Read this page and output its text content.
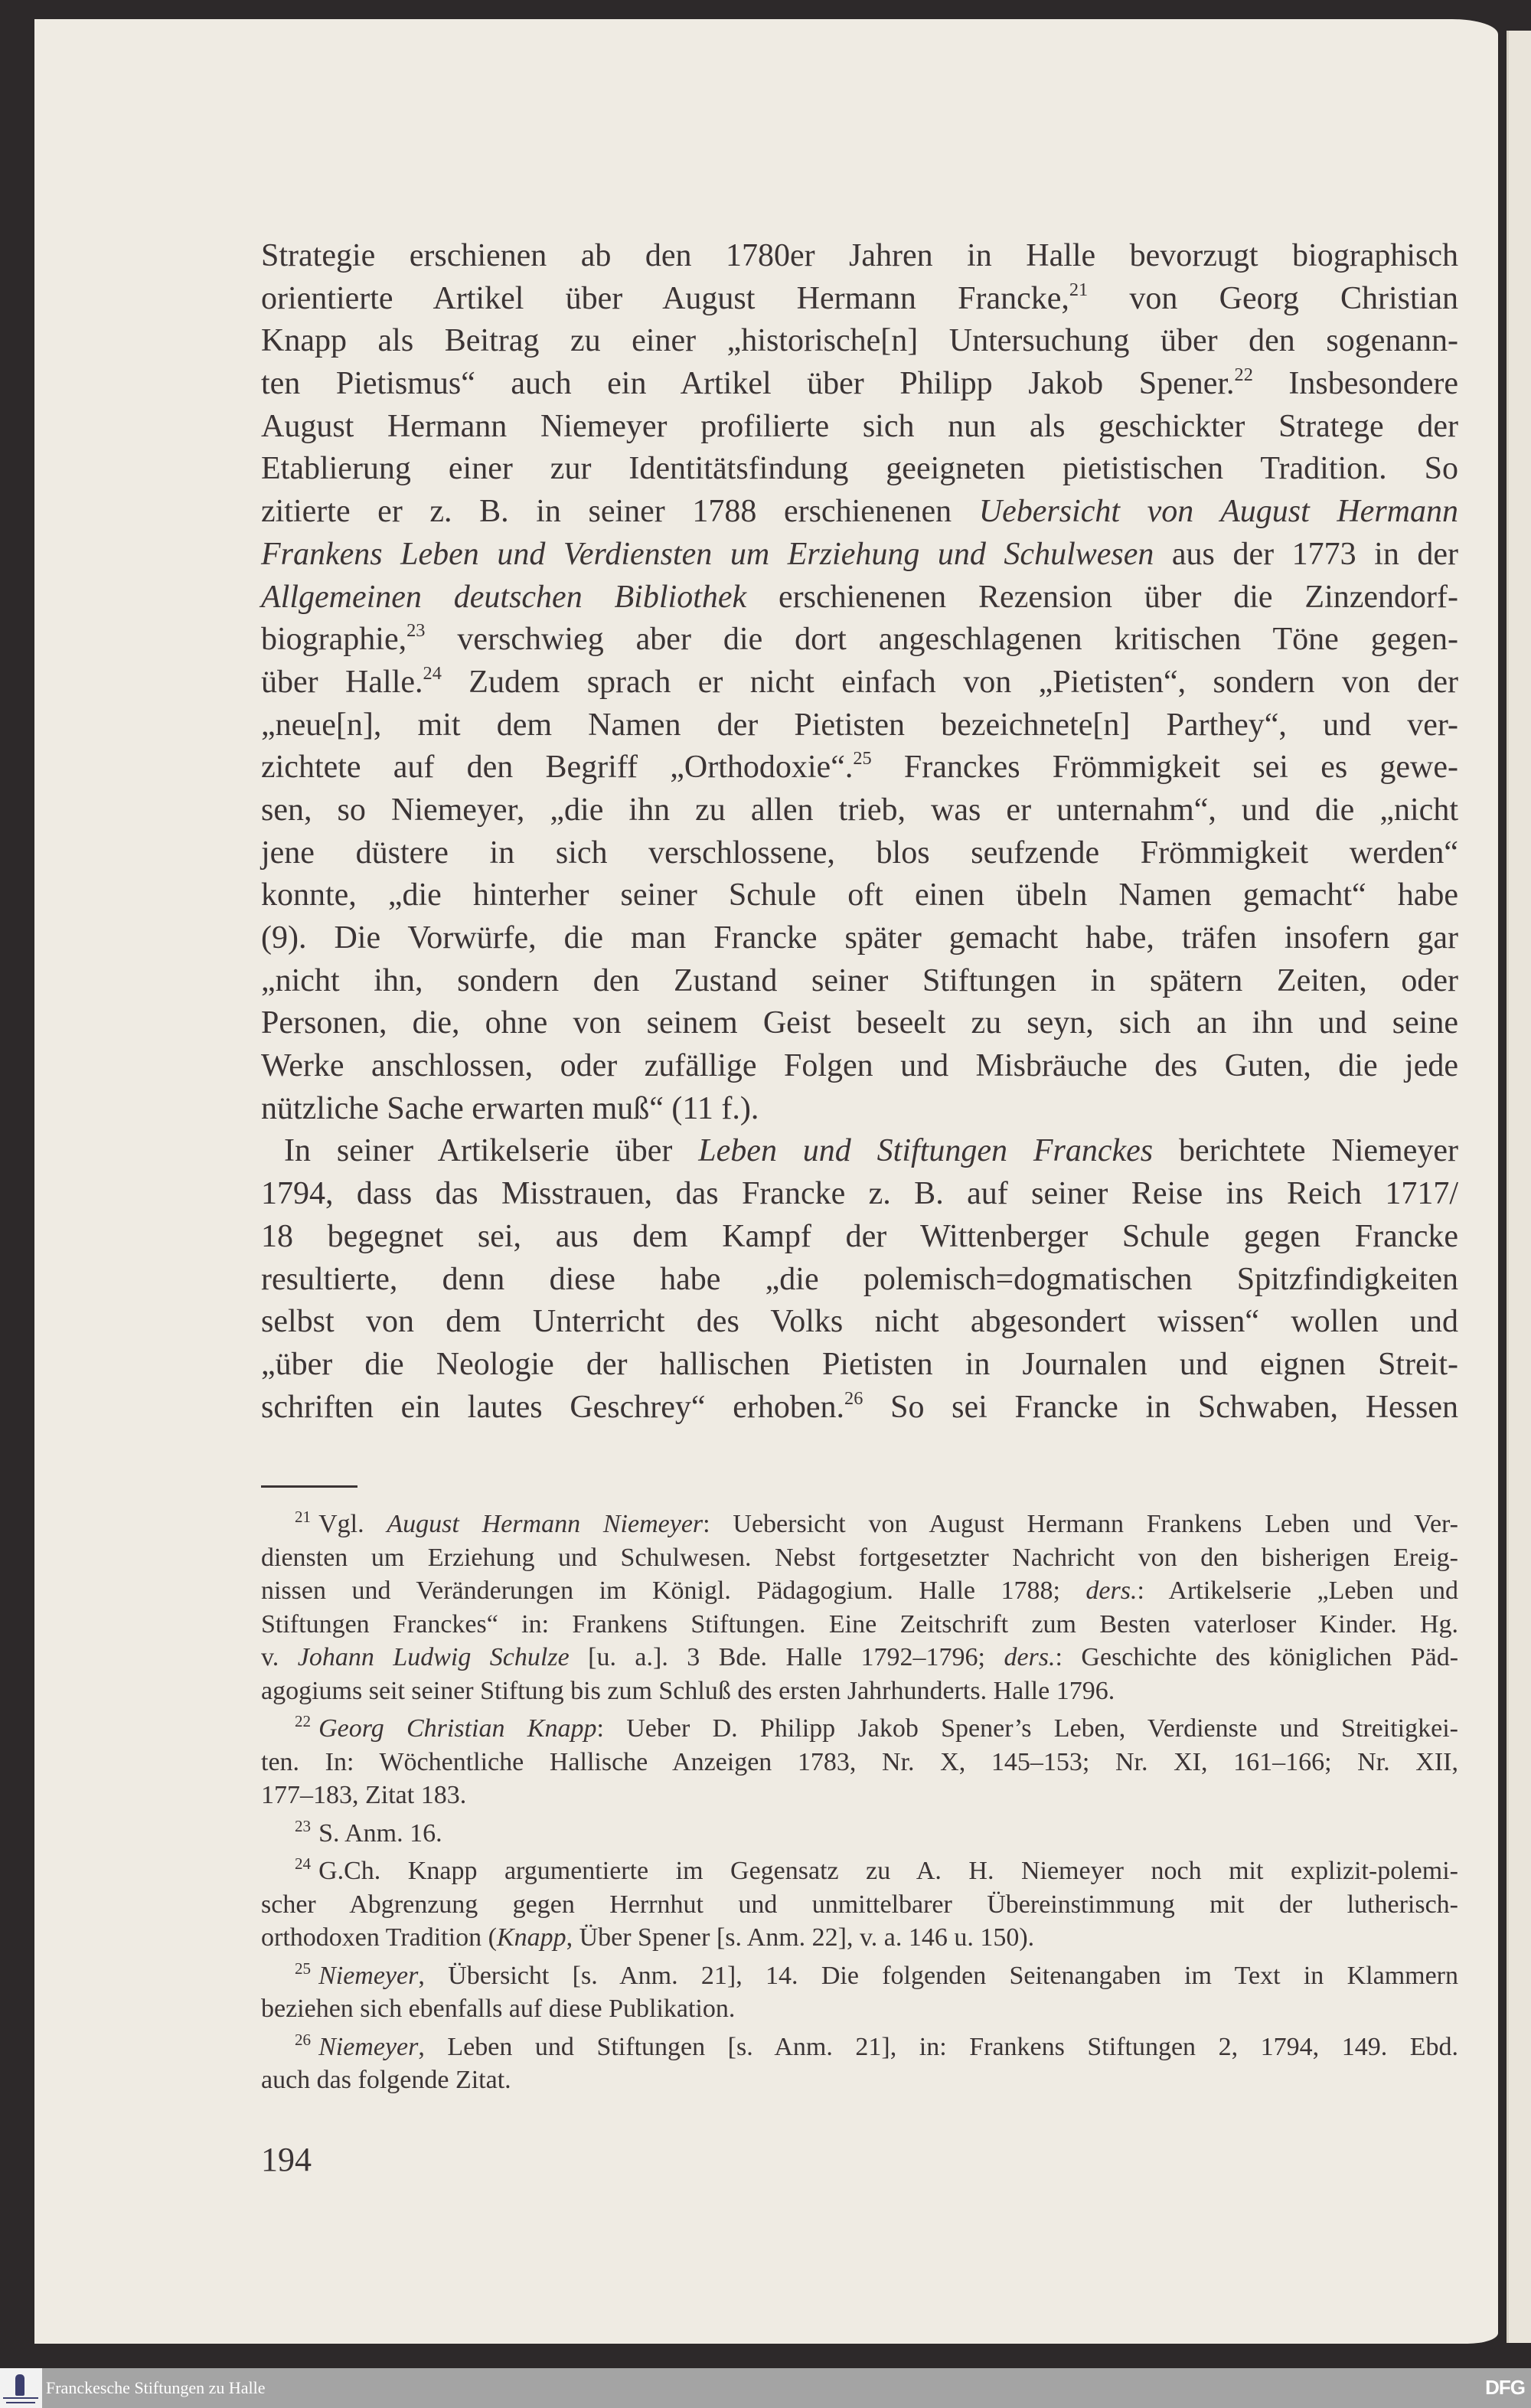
Strategie erschienen ab den 1780er Jahren in Halle bevorzugt biographisch
orientierte Artikel über August Hermann Francke,$^{21}$ von Georg Christian
Knapp als Beitrag zu einer „historische[n] Untersuchung über den sogenann-
ten Pietismus“ auch ein Artikel über Philipp Jakob Spener.$^{22}$ Insbesondere
August Hermann Niemeyer profilierte sich nun als geschickter Stratege der
Etablierung einer zur Identitätsfindung geeigneten pietistischen Tradition. So
zitierte er z. B. in seiner 1788 erschienenen Uebersicht von August Hermann
Frankens Leben und Verdiensten um Erziehung und Schulwesen aus der 1773 in der
Allgemeinen deutschen Bibliothek erschienenen Rezension über die Zinzendorf-
biographie,$^{23}$ verschwieg aber die dort angeschlagenen kritischen Töne gegen-
über Halle.$^{24}$ Zudem sprach er nicht einfach von „Pietisten“, sondern von der
„neue[n], mit dem Namen der Pietisten bezeichnete[n] Parthey“, und ver-
zichtete auf den Begriff „Orthodoxie“.$^{25}$ Franckes Frömmigkeit sei es gewe-
sen, so Niemeyer, „die ihn zu allen trieb, was er unternahm“, und die „nicht
jene düstere in sich verschlossene, blos seufzende Frömmigkeit werden“
konnte, „die hinterher seiner Schule oft einen übeln Namen gemacht“ habe
(9). Die Vorwürfe, die man Francke später gemacht habe, träfen insofern gar
„nicht ihn, sondern den Zustand seiner Stiftungen in spätern Zeiten, oder
Personen, die, ohne von seinem Geist beseelt zu seyn, sich an ihn und seine
Werke anschlossen, oder zufällige Folgen und Misbräuche des Guten, die jede
nützliche Sache erwarten muß“ (11 f.).
In seiner Artikelserie über Leben und Stiftungen Franckes berichtete Niemeyer
1794, dass das Misstrauen, das Francke z. B. auf seiner Reise ins Reich 1717/
18 begegnet sei, aus dem Kampf der Wittenberger Schule gegen Francke
resultierte, denn diese habe „die polemisch=dogmatischen Spitzfindigkeiten
selbst von dem Unterricht des Volks nicht abgesondert wissen“ wollen und
„über die Neologie der hallischen Pietisten in Journalen und eignen Streit-
schriften ein lautes Geschrey“ erhoben.$^{26}$ So sei Francke in Schwaben, Hessen
$^{21}$ Vgl. August Hermann Niemeyer: Uebersicht von August Hermann Frankens Leben und Ver-
diensten um Erziehung und Schulwesen. Nebst fortgesetzter Nachricht von den bisherigen Ereig-
nissen und Veränderungen im Königl. Pädagogium. Halle 1788; ders.: Artikelserie „Leben und
Stiftungen Franckes“ in: Frankens Stiftungen. Eine Zeitschrift zum Besten vaterloser Kinder. Hg.
v. Johann Ludwig Schulze [u. a.]. 3 Bde. Halle 1792–1796; ders.: Geschichte des königlichen Päd-
agogiums seit seiner Stiftung bis zum Schluß des ersten Jahrhunderts. Halle 1796.
$^{22}$ Georg Christian Knapp: Ueber D. Philipp Jakob Spener’s Leben, Verdienste und Streitigkei-
ten. In: Wöchentliche Hallische Anzeigen 1783, Nr. X, 145–153; Nr. XI, 161–166; Nr. XII,
177–183, Zitat 183.
$^{23}$ S. Anm. 16.
$^{24}$ G.Ch. Knapp argumentierte im Gegensatz zu A. H. Niemeyer noch mit explizit-polemi-
scher Abgrenzung gegen Herrnhut und unmittelbarer Übereinstimmung mit der lutherisch-
orthodoxen Tradition (Knapp, Über Spener [s. Anm. 22], v. a. 146 u. 150).
$^{25}$ Niemeyer, Übersicht [s. Anm. 21], 14. Die folgenden Seitenangaben im Text in Klammern
beziehen sich ebenfalls auf diese Publikation.
$^{26}$ Niemeyer, Leben und Stiftungen [s. Anm. 21], in: Frankens Stiftungen 2, 1794, 149. Ebd.
auch das folgende Zitat.
194
Franckesche Stiftungen zu Halle	DFG
